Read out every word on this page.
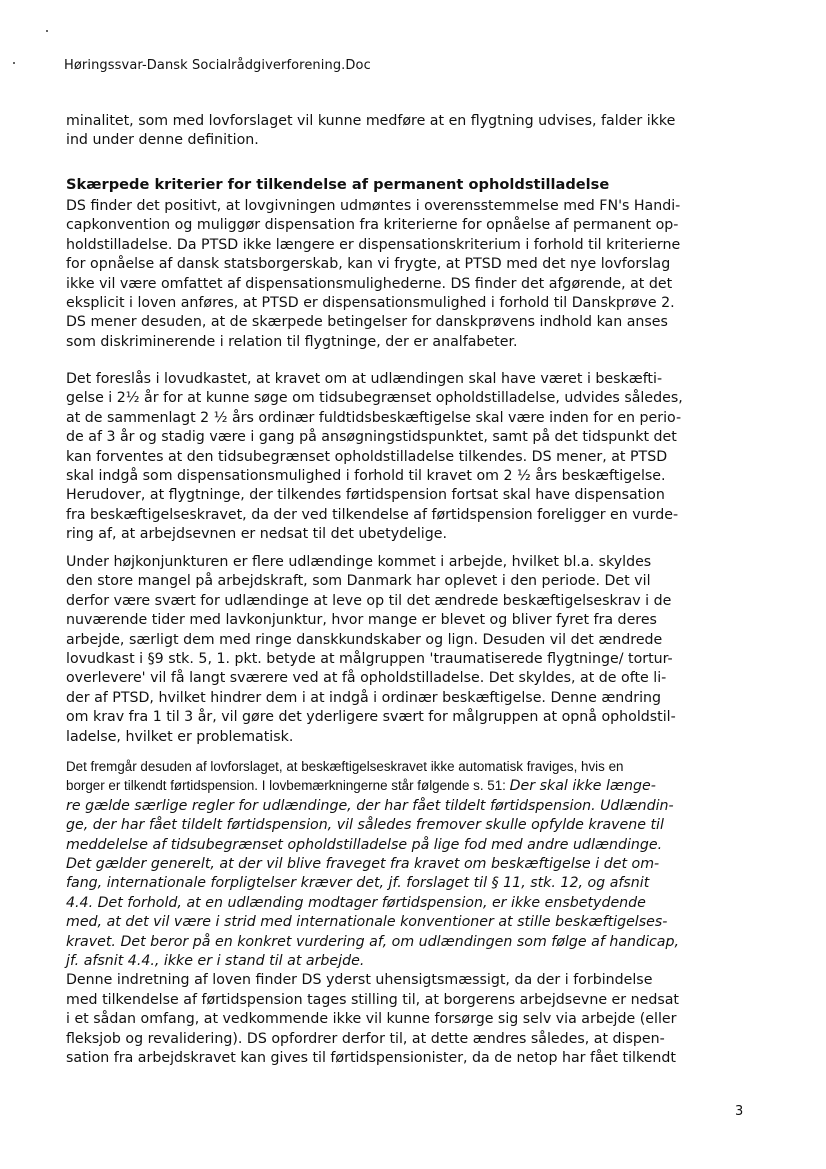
Høringssvar-Dansk Socialrådgiverforening.Doc
minalitet, som med lovforslaget vil kunne medføre at en flygtning udvises, falder ikke
ind under denne definition.
Skærpede kriterier for tilkendelse af permanent opholdstilladelse
DS finder det positivt, at lovgivningen udmøntes i overensstemmelse med FN's Handi-
capkonvention og muliggør dispensation fra kriterierne for opnåelse af permanent op-
holdstilladelse. Da PTSD ikke længere er dispensationskriterium i forhold til kriterierne
for opnåelse af dansk statsborgerskab, kan vi frygte, at PTSD med det nye lovforslag
ikke vil være omfattet af dispensationsmulighederne. DS finder det afgørende, at det
eksplicit i loven anføres, at PTSD er dispensationsmulighed i forhold til Danskprøve 2.
DS mener desuden, at de skærpede betingelser for danskprøvens indhold kan anses
som diskriminerende i relation til flygtninge, der er analfabeter.
Det foreslås i lovudkastet, at kravet om at udlændingen skal have været i beskæfti-
gelse i 2½ år for at kunne søge om tidsubegrænset opholdstilladelse, udvides således,
at de sammenlagt 2 ½ års ordinær fuldtidsbeskæftigelse skal være inden for en perio-
de af 3 år og stadig være i gang på ansøgningstidspunktet, samt på det tidspunkt det
kan forventes at den tidsubegrænset opholdstilladelse tilkendes. DS mener, at PTSD
skal indgå som dispensationsmulighed i forhold til kravet om 2 ½ års beskæftigelse.
Herudover, at flygtninge, der tilkendes førtidspension fortsat skal have dispensation
fra beskæftigelseskravet, da der ved tilkendelse af førtidspension foreligger en vurde-
ring af, at arbejdsevnen er nedsat til det ubetydelige.
Under højkonjunkturen er flere udlændinge kommet i arbejde, hvilket bl.a. skyldes
den store mangel på arbejdskraft, som Danmark har oplevet i den periode. Det vil
derfor være svært for udlændinge at leve op til det ændrede beskæftigelseskrav i de
nuværende tider med lavkonjunktur, hvor mange er blevet og bliver fyret fra deres
arbejde, særligt dem med ringe danskkundskaber og lign. Desuden vil det ændrede
lovudkast i §9 stk. 5, 1. pkt. betyde at målgruppen 'traumatiserede flygtninge/ tortur-
overlevere' vil få langt sværere ved at få opholdstilladelse. Det skyldes, at de ofte li-
der af PTSD, hvilket hindrer dem i at indgå i ordinær beskæftigelse. Denne ændring
om krav fra 1 til 3 år, vil gøre det yderligere svært for målgruppen at opnå opholdstil-
ladelse, hvilket er problematisk.
Det fremgår desuden af lovforslaget, at beskæftigelseskravet ikke automatisk fraviges, hvis en
borger er tilkendt førtidspension. I lovbemærkningerne står følgende s. 51: Der skal ikke længe-
re gælde særlige regler for udlændinge, der har fået tildelt førtidspension. Udlændin-
ge, der har fået tildelt førtidspension, vil således fremover skulle opfylde kravene til
meddelelse af tidsubegrænset opholdstilladelse på lige fod med andre udlændinge.
Det gælder generelt, at der vil blive fraveget fra kravet om beskæftigelse i det om-
fang, internationale forpligtelser kræver det, jf. forslaget til § 11, stk. 12, og afsnit
4.4. Det forhold, at en udlænding modtager førtidspension, er ikke ensbetydende
med, at det vil være i strid med internationale konventioner at stille beskæftigelses-
kravet. Det beror på en konkret vurdering af, om udlændingen som følge af handicap,
jf. afsnit 4.4., ikke er i stand til at arbejde.
Denne indretning af loven finder DS yderst uhensigtsmæssigt, da der i forbindelse
med tilkendelse af førtidspension tages stilling til, at borgerens arbejdsevne er nedsat
i et sådan omfang, at vedkommende ikke vil kunne forsørge sig selv via arbejde (eller
fleksjob og revalidering). DS opfordrer derfor til, at dette ændres således, at dispen-
sation fra arbejdskravet kan gives til førtidspensionister, da de netop har fået tilkendt
3
